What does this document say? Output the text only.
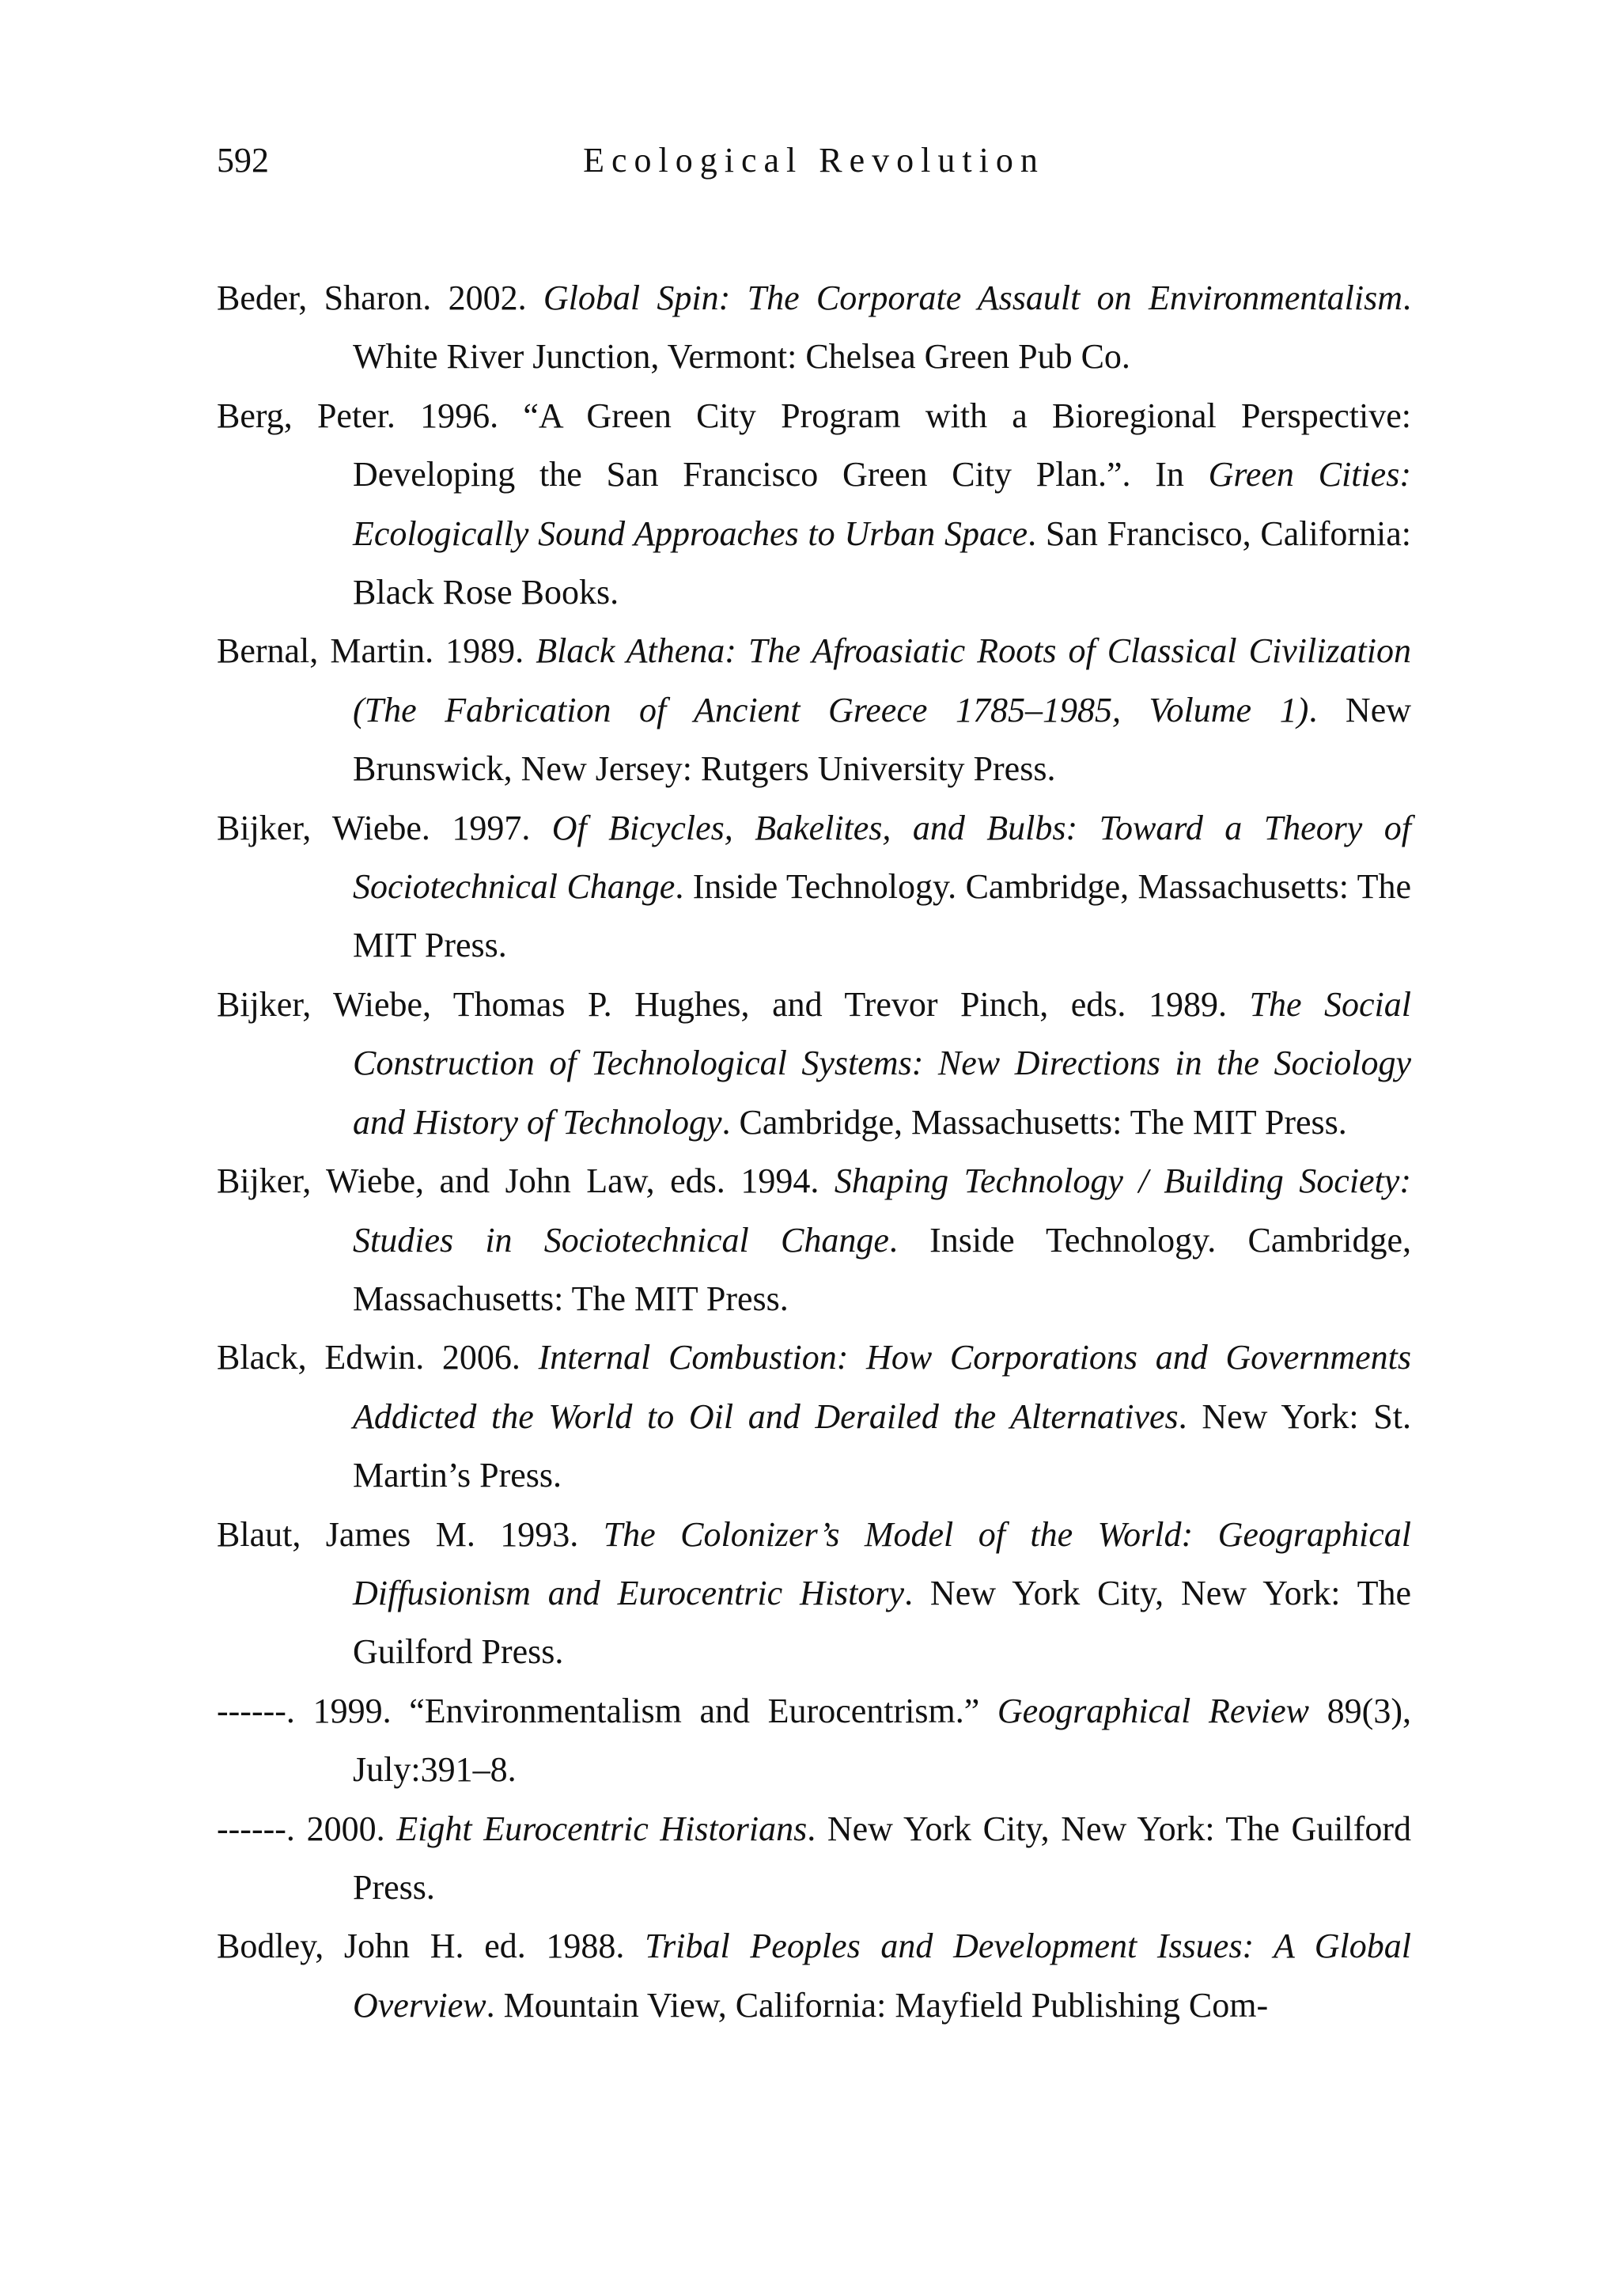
592	Ecological Revolution
Beder, Sharon. 2002. Global Spin: The Corporate Assault on Environmentalism. White River Junction, Vermont: Chelsea Green Pub Co.
Berg, Peter. 1996. “A Green City Program with a Bioregional Perspective: Developing the San Francisco Green City Plan.”. In Green Cities: Ecologically Sound Approaches to Urban Space. San Francisco, California: Black Rose Books.
Bernal, Martin. 1989. Black Athena: The Afroasiatic Roots of Classical Civilization (The Fabrication of Ancient Greece 1785–1985, Volume 1). New Brunswick, New Jersey: Rutgers University Press.
Bijker, Wiebe. 1997. Of Bicycles, Bakelites, and Bulbs: Toward a Theory of Sociotechnical Change. Inside Technology. Cambridge, Massachusetts: The MIT Press.
Bijker, Wiebe, Thomas P. Hughes, and Trevor Pinch, eds. 1989. The Social Construction of Technological Systems: New Directions in the Sociology and History of Technology. Cambridge, Massachusetts: The MIT Press.
Bijker, Wiebe, and John Law, eds. 1994. Shaping Technology / Building Society: Studies in Sociotechnical Change. Inside Technology. Cambridge, Massachusetts: The MIT Press.
Black, Edwin. 2006. Internal Combustion: How Corporations and Governments Addicted the World to Oil and Derailed the Alternatives. New York: St. Martin’s Press.
Blaut, James M. 1993. The Colonizer’s Model of the World: Geographical Diffusionism and Eurocentric History. New York City, New York: The Guilford Press.
------. 1999. “Environmentalism and Eurocentrism.” Geographical Review 89(3), July:391–8.
------. 2000. Eight Eurocentric Historians. New York City, New York: The Guilford Press.
Bodley, John H. ed. 1988. Tribal Peoples and Development Issues: A Global Overview. Mountain View, California: Mayfield Publishing Com-
